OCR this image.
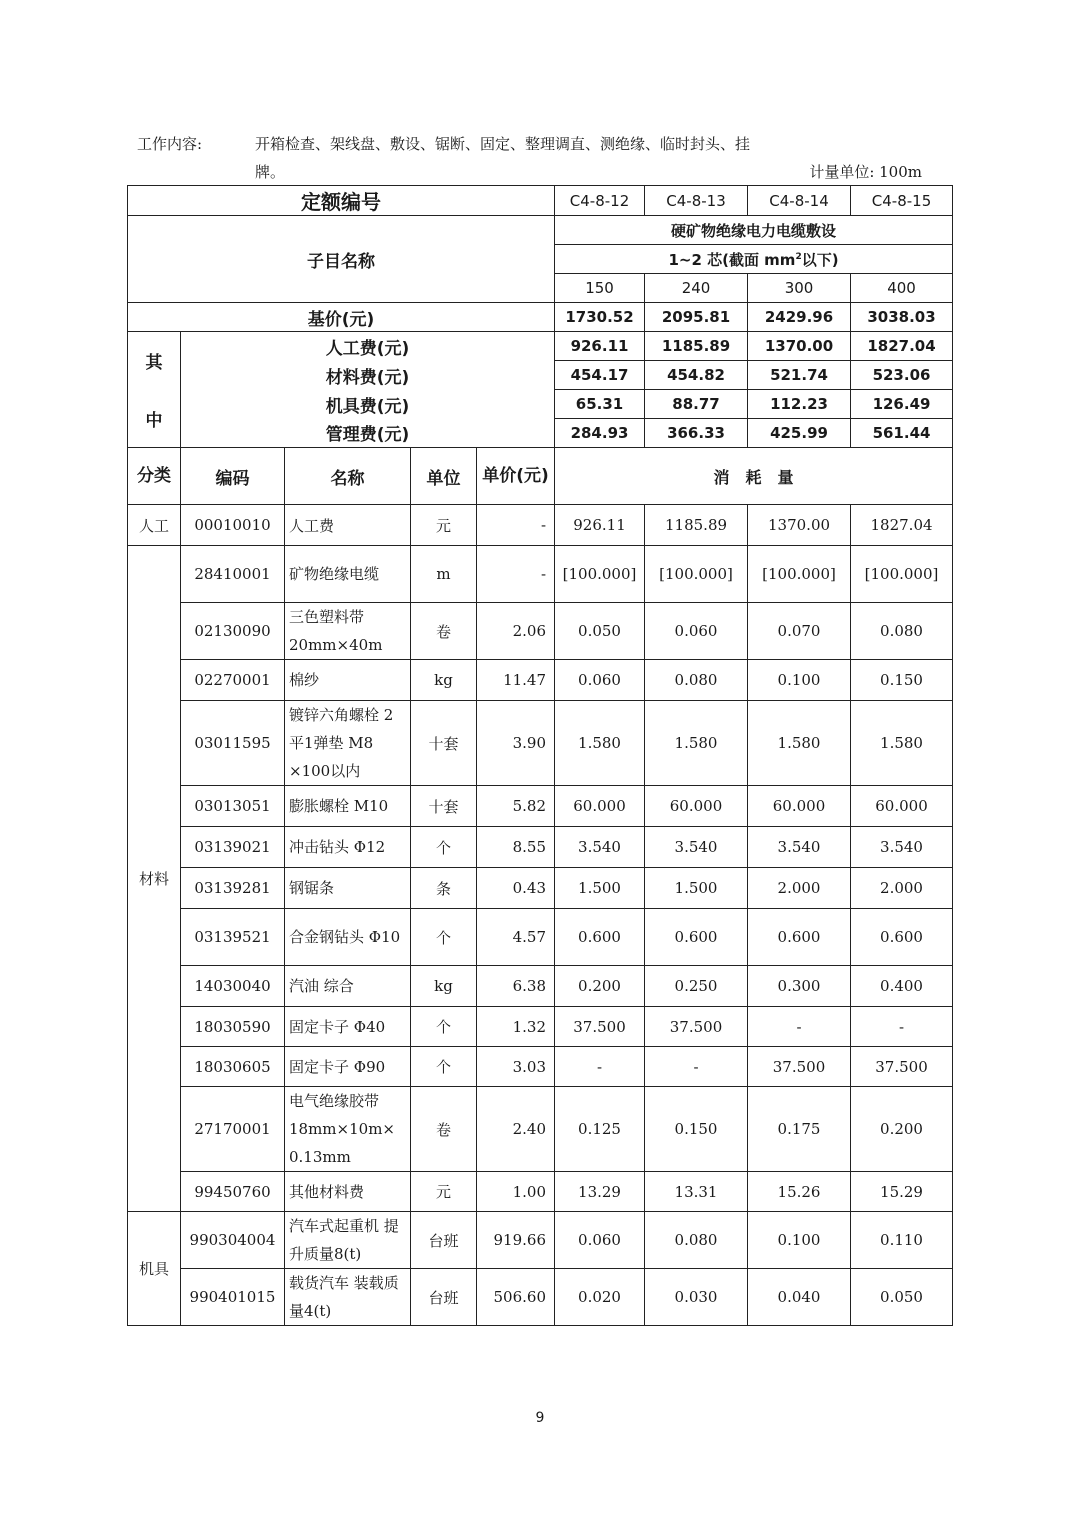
工作内容:	开箱检查、架线盘、敷设、锯断、固定、整理调直、测绝缘、临时封头、挂牌。	计量单位: 100m
定额编号					C4-8-12	C4-8-13	C4-8-14	C4-8-15
子目名称					硬矿物绝缘电力电缆敷设			
					1~2 芯(截面 $mm^2$以下)			
					150	240	300	400
基价(元)					1730.52	2095.81	2429.96	3038.03
其	人工费(元)				926.11	1185.89	1370.00	1827.04
	材料费(元)				454.17	454.82	521.74	523.06
中	机具费(元)				65.31	88.77	112.23	126.49
	管理费(元)				284.93	366.33	425.99	561.44
分类	编码	名称	单位	单价(元)	消　耗　量			
人工	00010010	人工费	元	-	926.11	1185.89	1370.00	1827.04
材料	28410001	矿物绝缘电缆	m	-	[100.000]	[100.000]	[100.000]	[100.000]
	02130090	三色塑料带 20mm×40m	卷	2.06	0.050	0.060	0.070	0.080
	02270001	棉纱	kg	11.47	0.060	0.080	0.100	0.150
	03011595	镀锌六角螺栓 2平1弹垫 M8 ×100以内	十套	3.90	1.580	1.580	1.580	1.580
	03013051	膨胀螺栓 M10	十套	5.82	60.000	60.000	60.000	60.000
	03139021	冲击钻头 Φ12	个	8.55	3.540	3.540	3.540	3.540
	03139281	钢锯条	条	0.43	1.500	1.500	2.000	2.000
	03139521	合金钢钻头 Φ10	个	4.57	0.600	0.600	0.600	0.600
	14030040	汽油 综合	kg	6.38	0.200	0.250	0.300	0.400
	18030590	固定卡子 Φ40	个	1.32	37.500	37.500	-	-
	18030605	固定卡子 Φ90	个	3.03	-	-	37.500	37.500
	27170001	电气绝缘胶带 18mm×10m× 0.13mm	卷	2.40	0.125	0.150	0.175	0.200
	99450760	其他材料费	元	1.00	13.29	13.31	15.26	15.29
机具	990304004	汽车式起重机 提升质量8(t)	台班	919.66	0.060	0.080	0.100	0.110
	990401015	载货汽车 装载质量4(t)	台班	506.60	0.020	0.030	0.040	0.050
9
